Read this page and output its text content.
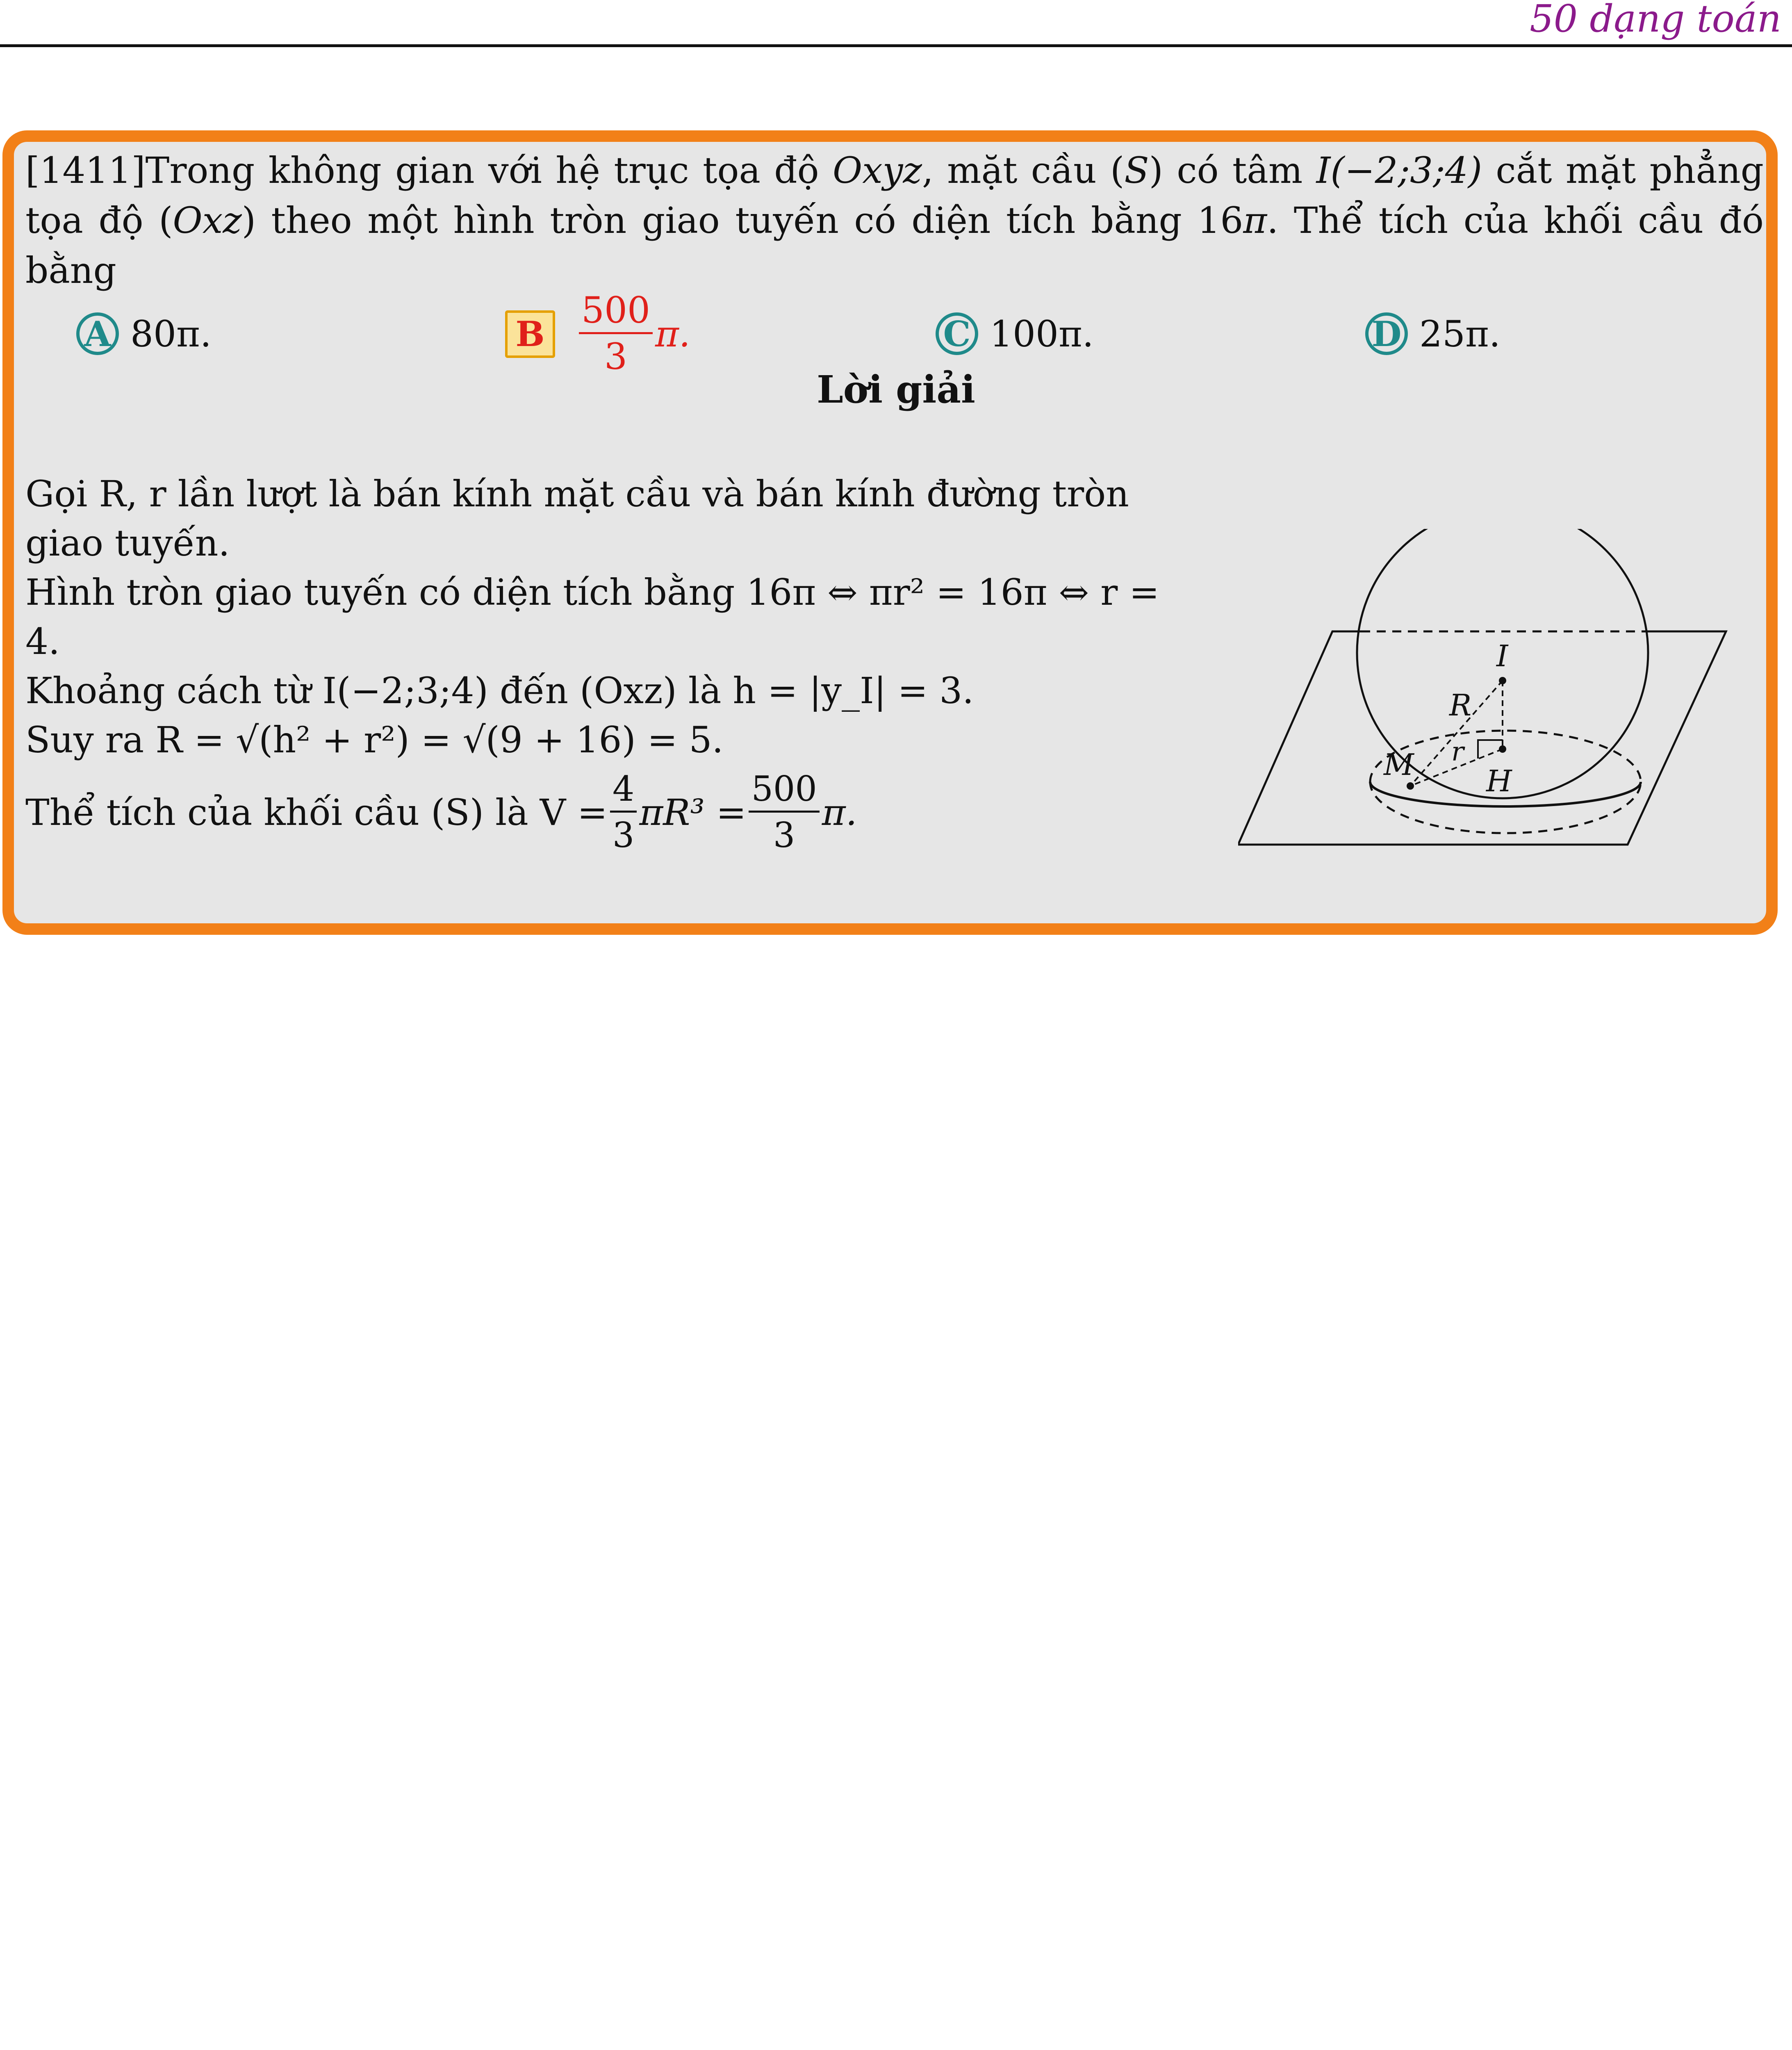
50 dạng toán
[1411]Trong không gian với hệ trục tọa độ Oxyz, mặt cầu (S) có tâm I(−2;3;4) cắt mặt phẳng tọa độ (Oxz) theo một hình tròn giao tuyến có diện tích bằng 16π. Thể tích của khối cầu đó bằng
A 80π.	B $\frac{500}{3} \pi$.	C 100π.	D 25π.
Lời giải
Gọi R, r lần lượt là bán kính mặt cầu và bán kính đường tròn
giao tuyến.
Hình tròn giao tuyến có diện tích bằng 16π ⇔ πr² = 16π ⇔ r =
4.
Khoảng cách từ I(−2;3;4) đến (Oxz) là h = |y_I| = 3.
Suy ra R = √(h² + r²) = √(9 + 16) = 5.
Thể tích của khối cầu (S) là $V = \frac{4}{3} \pi R^3 = \frac{500}{3} \pi$.
I
R
r
M H
